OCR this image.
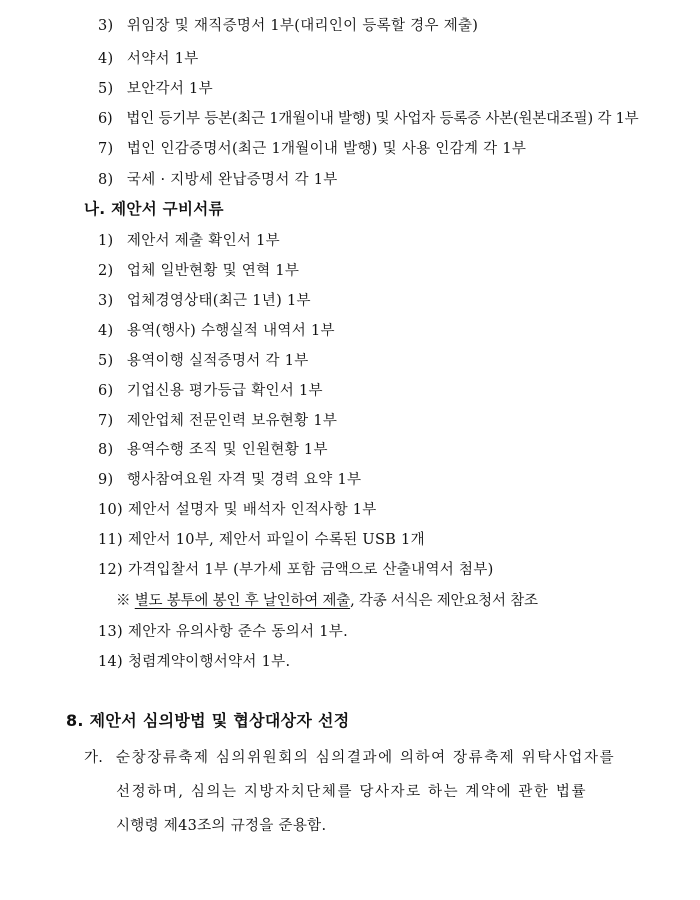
3) 위임장 및 재직증명서 1부(대리인이 등록할 경우 제출)
4) 서약서 1부
5) 보안각서 1부
6) 법인 등기부 등본(최근 1개월이내 발행) 및 사업자 등록증 사본(원본대조필) 각 1부
7) 법인 인감증명서(최근 1개월이내 발행) 및 사용 인감계 각 1부
8) 국세 · 지방세 완납증명서 각 1부
나. 제안서 구비서류
1) 제안서 제출 확인서 1부
2) 업체 일반현황 및 연혁 1부
3) 업체경영상태(최근 1년) 1부
4) 용역(행사) 수행실적 내역서 1부
5) 용역이행 실적증명서 각 1부
6) 기업신용 평가등급 확인서 1부
7) 제안업체 전문인력 보유현황 1부
8) 용역수행 조직 및 인원현황 1부
9) 행사참여요원 자격 및 경력 요약 1부
10) 제안서 설명자 및 배석자 인적사항 1부
11) 제안서 10부, 제안서 파일이 수록된 USB 1개
12) 가격입찰서 1부 (부가세 포함 금액으로 산출내역서 첨부)
※ 별도 봉투에 봉인 후 날인하여 제출, 각종 서식은 제안요청서 참조
13) 제안자 유의사항 준수 동의서 1부.
14) 청렴계약이행서약서 1부.
8. 제안서 심의방법 및 협상대상자 선정
가. 순창장류축제 심의위원회의 심의결과에 의하여 장류축제 위탁사업자를
선정하며, 심의는 지방자치단체를 당사자로 하는 계약에 관한 법률
시행령 제43조의 규정을 준용함.
